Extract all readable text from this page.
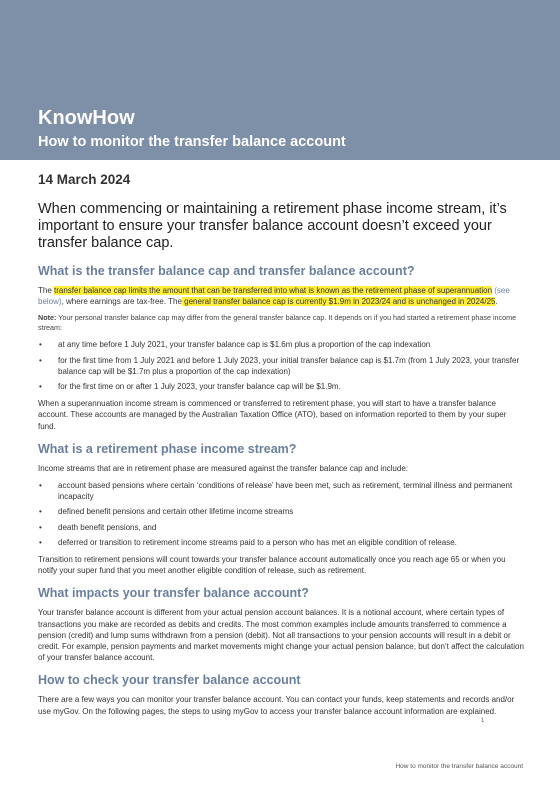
KnowHow
How to monitor the transfer balance account
14 March 2024
When commencing or maintaining a retirement phase income stream, it’s important to ensure your transfer balance account doesn’t exceed your transfer balance cap.
What is the transfer balance cap and transfer balance account?

The transfer balance cap limits the amount that can be transferred into what is known as the retirement phase of superannuation (see below), where earnings are tax-free. The general transfer balance cap is currently $1.9m in 2023/24 and is unchanged in 2024/25.

Note: Your personal transfer balance cap may differ from the general transfer balance cap. It depends on if you had started a retirement phase income stream:

• at any time before 1 July 2021, your transfer balance cap is $1.6m plus a proportion of the cap indexation
• for the first time from 1 July 2021 and before 1 July 2023, your initial transfer balance cap is $1.7m (from 1 July 2023, your transfer balance cap will be $1.7m plus a proportion of the cap indexation)
• for the first time on or after 1 July 2023, your transfer balance cap will be $1.9m.

When a superannuation income stream is commenced or transferred to retirement phase, you will start to have a transfer balance account. These accounts are managed by the Australian Taxation Office (ATO), based on information reported to them by your super fund.

What is a retirement phase income stream?

Income streams that are in retirement phase are measured against the transfer balance cap and include:

• account based pensions where certain ‘conditions of release’ have been met, such as retirement, terminal illness and permanent incapacity
• defined benefit pensions and certain other lifetime income streams
• death benefit pensions, and
• deferred or transition to retirement income streams paid to a person who has met an eligible condition of release.

Transition to retirement pensions will count towards your transfer balance account automatically once you reach age 65 or when you notify your super fund that you meet another eligible condition of release, such as retirement.

What impacts your transfer balance account?

Your transfer balance account is different from your actual pension account balances. It is a notional account, where certain types of transactions you make are recorded as debits and credits. The most common examples include amounts transferred to commence a pension (credit) and lump sums withdrawn from a pension (debit). Not all transactions to your pension accounts will result in a debit or credit. For example, pension payments and market movements might change your actual pension balance, but don’t affect the calculation of your transfer balance account.

How to check your transfer balance account

There are a few ways you can monitor your transfer balance account. You can contact your funds, keep statements and records and/or use myGov. On the following pages, the steps to using myGov to access your transfer balance account information are explained.

1
How to monitor the transfer balance account
